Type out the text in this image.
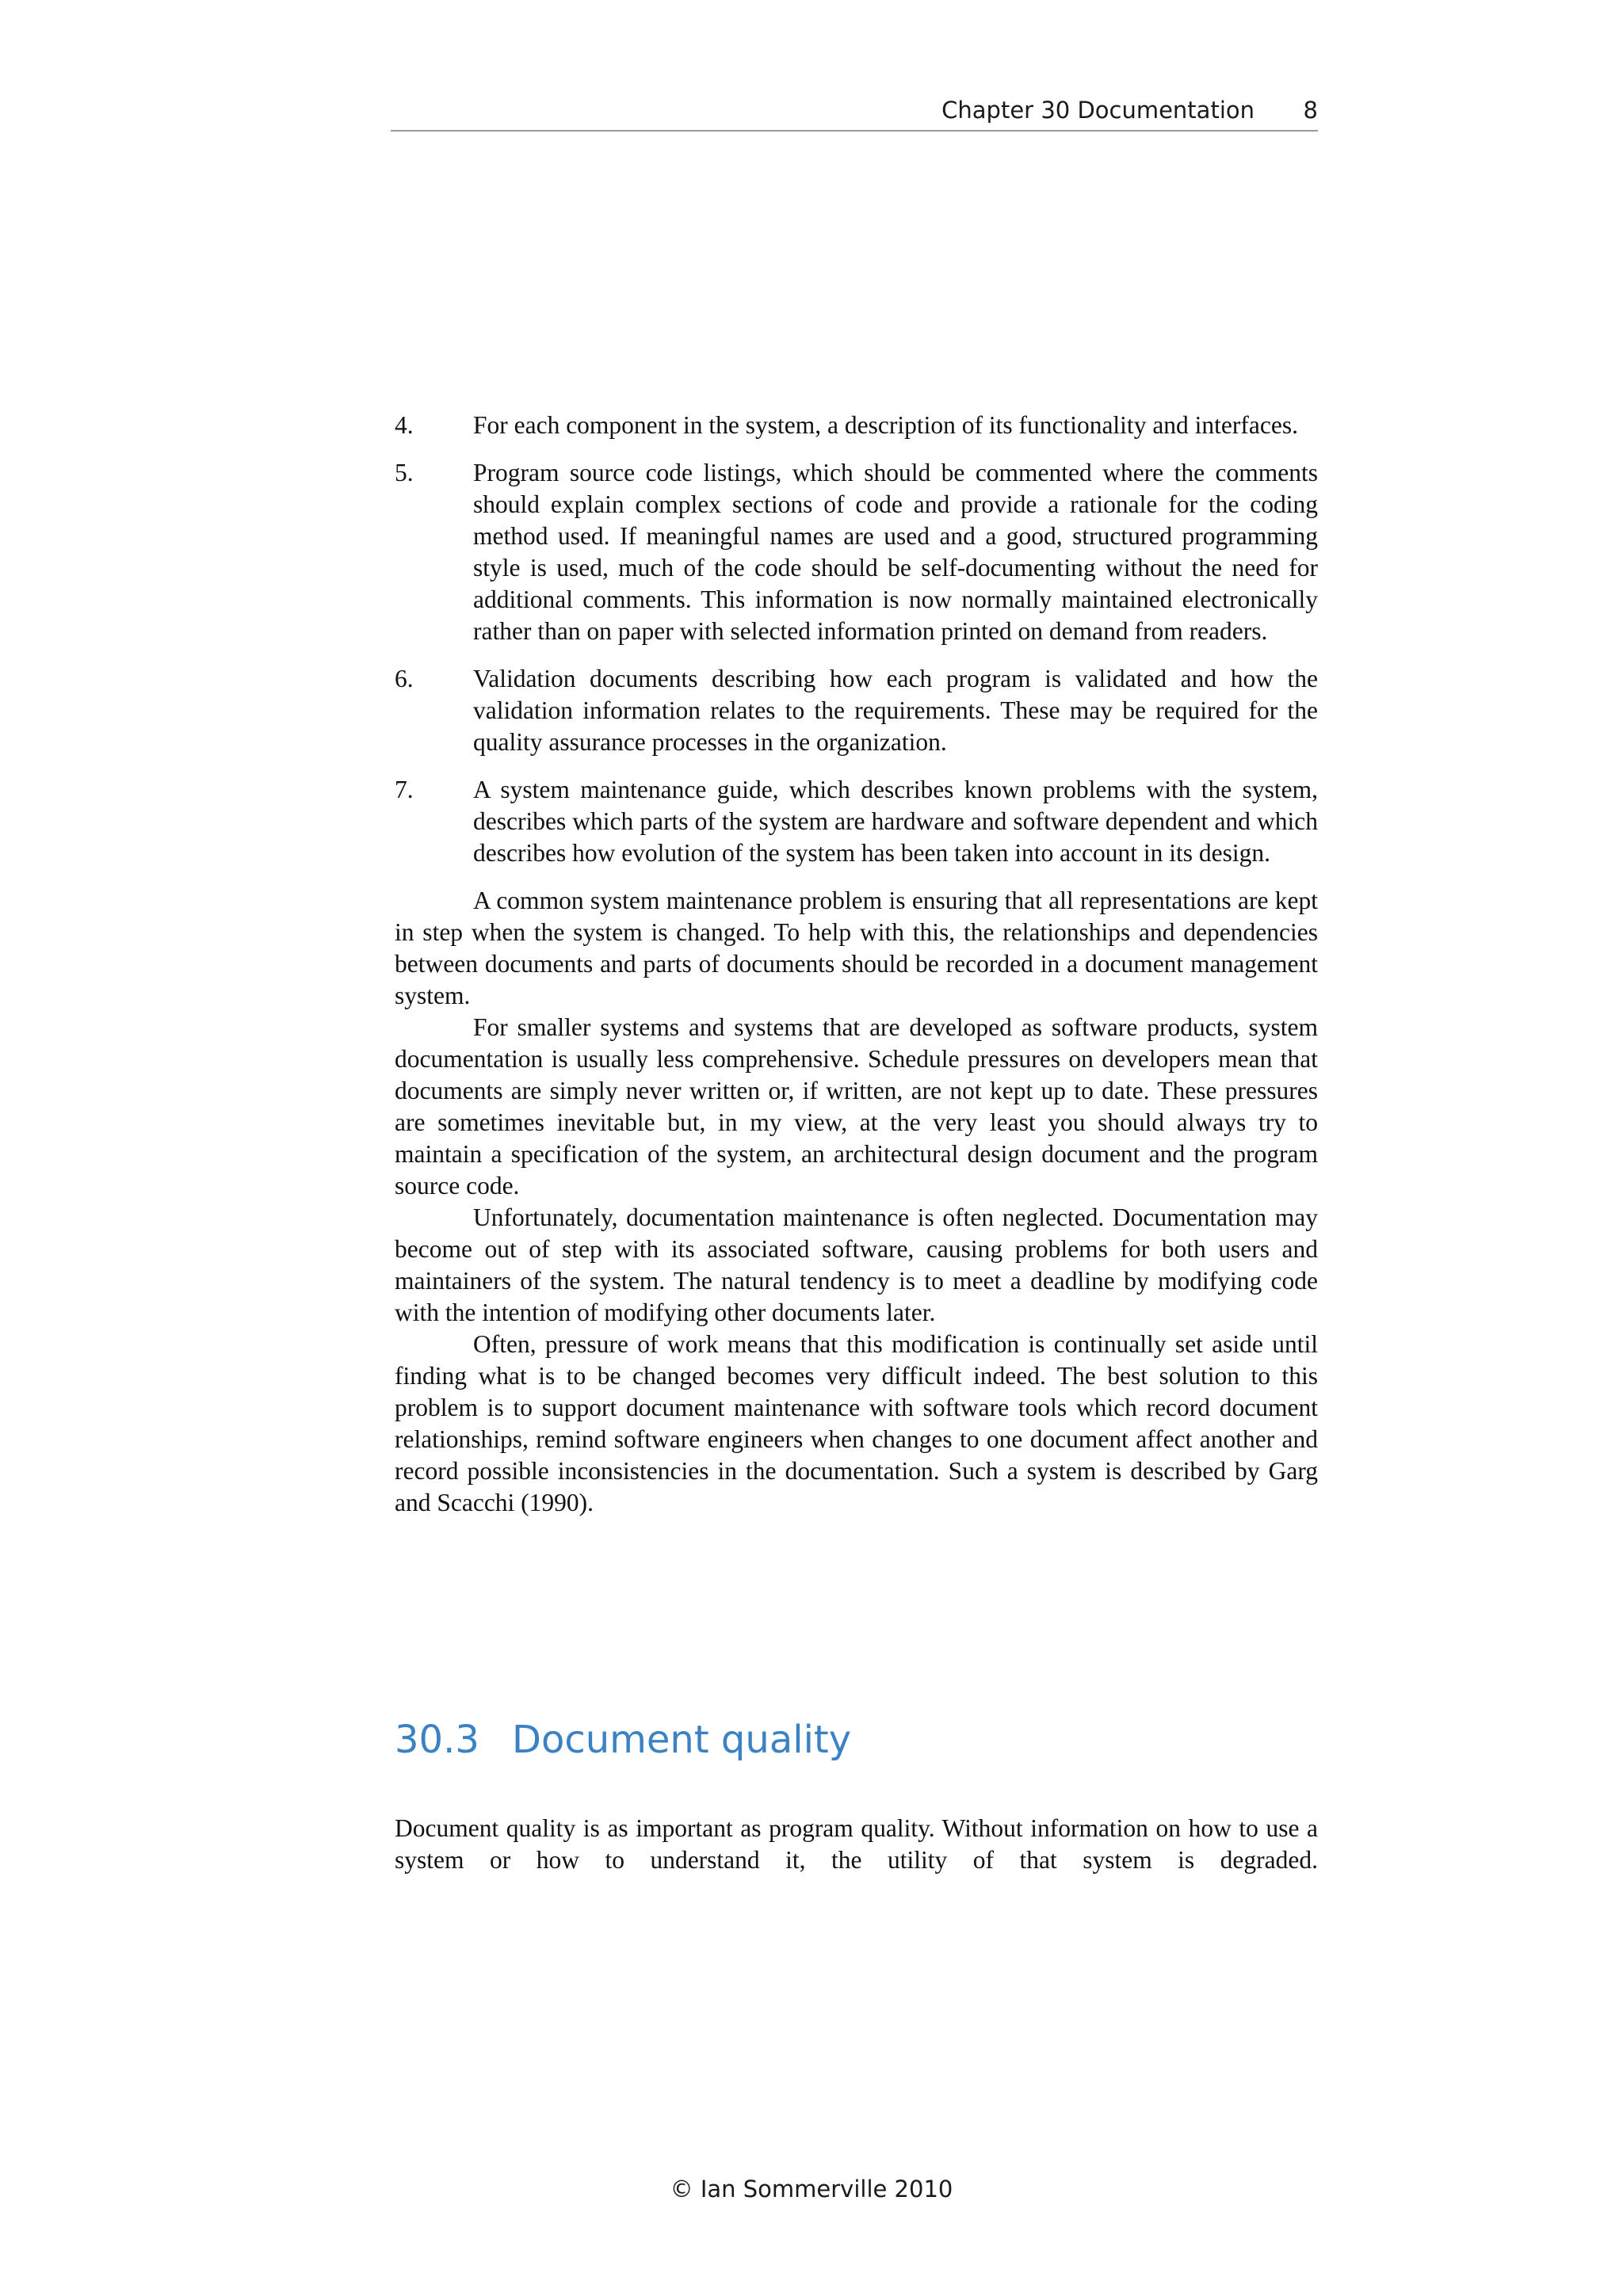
Chapter 30 Documentation 8
4.	For each component in the system, a description of its functionality and interfaces.
5.	Program source code listings, which should be commented where the comments should explain complex sections of code and provide a rationale for the coding method used. If meaningful names are used and a good, structured programming style is used, much of the code should be self-documenting without the need for additional comments. This information is now normally maintained electronically rather than on paper with selected information printed on demand from readers.
6.	Validation documents describing how each program is validated and how the validation information relates to the requirements. These may be required for the quality assurance processes in the organization.
7.	A system maintenance guide, which describes known problems with the system, describes which parts of the system are hardware and software dependent and which describes how evolution of the system has been taken into account in its design.

A common system maintenance problem is ensuring that all representations are kept in step when the system is changed. To help with this, the relationships and dependencies between documents and parts of documents should be recorded in a document management system.

For smaller systems and systems that are developed as software products, system documentation is usually less comprehensive. Schedule pressures on developers mean that documents are simply never written or, if written, are not kept up to date. These pressures are sometimes inevitable but, in my view, at the very least you should always try to maintain a specification of the system, an architectural design document and the program source code.

Unfortunately, documentation maintenance is often neglected. Documentation may become out of step with its associated software, causing problems for both users and maintainers of the system. The natural tendency is to meet a deadline by modifying code with the intention of modifying other documents later.

Often, pressure of work means that this modification is continually set aside until finding what is to be changed becomes very difficult indeed. The best solution to this problem is to support document maintenance with software tools which record document relationships, remind software engineers when changes to one document affect another and record possible inconsistencies in the documentation. Such a system is described by Garg and Scacchi (1990).

30.3 Document quality
Document quality is as important as program quality. Without information on how to use a system or how to understand it, the utility of that system is degraded.
© Ian Sommerville 2010
